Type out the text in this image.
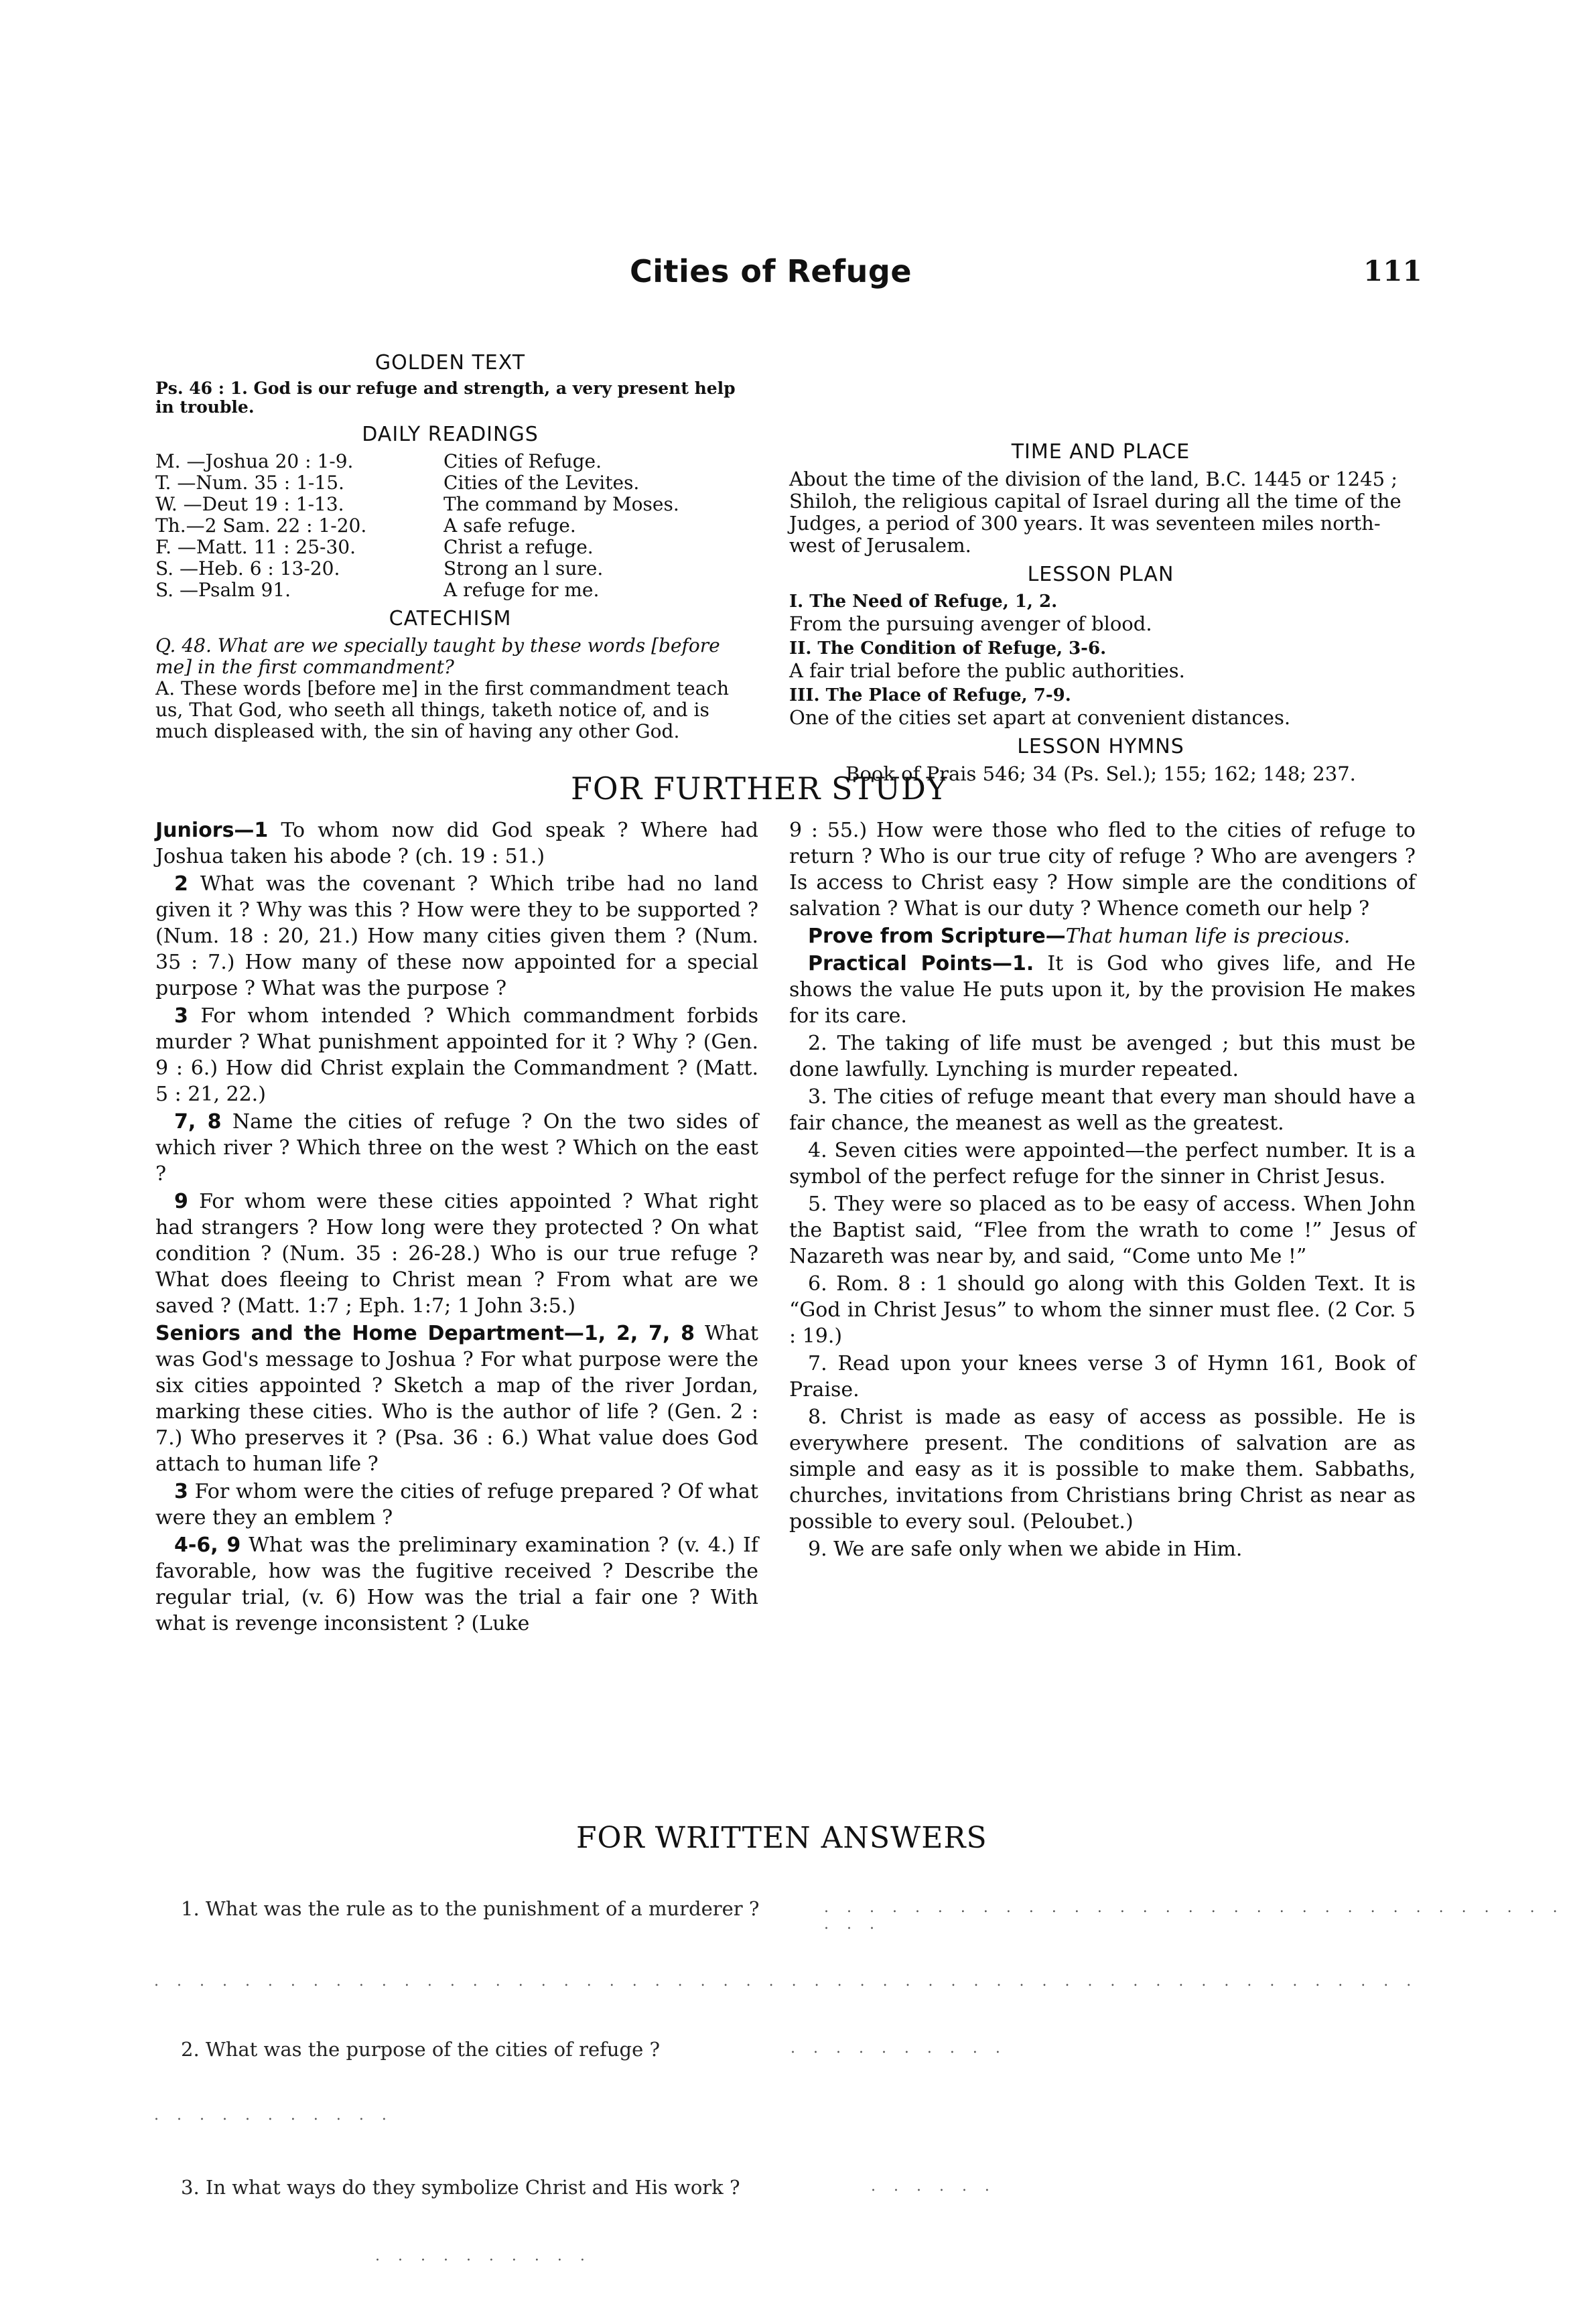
Cities of Refuge	111
GOLDEN TEXT
Ps. 46 : 1. God is our refuge and strength, a very present help in trouble.
DAILY READINGS
M. —Joshua 20 : 1-9.	Cities of Refuge.
T. —Num. 35 : 1-15.	Cities of the Levites.
W. —Deut 19 : 1-13.	The command by Moses.
Th.—2 Sam. 22 : 1-20.	A safe refuge.
F. —Matt. 11 : 25-30.	Christ a refuge.
S. —Heb. 6 : 13-20.	Strong an l sure.
S. —Psalm 91.	A refuge for me.
CATECHISM
Q. 48. What are we specially taught by these words [before me] in the first commandment?
A. These words [before me] in the first commandment teach us, That God, who seeth all things, taketh notice of, and is much displeased with, the sin of having any other God.
TIME AND PLACE
About the time of the division of the land, B.C. 1445 or 1245 ; Shiloh, the religious capital of Israel during all the time of the Judges, a period of 300 years. It was seventeen miles north-west of Jerusalem.
LESSON PLAN
I. The Need of Refuge, 1, 2.
From the pursuing avenger of blood.
II. The Condition of Refuge, 3-6.
A fair trial before the public authorities.
III. The Place of Refuge, 7-9.
One of the cities set apart at convenient distances.
LESSON HYMNS
Book of Prais 546; 34 (Ps. Sel.); 155; 162; 148; 237.
FOR FURTHER STUDY

Juniors—1 To whom now did God speak ? Where had Joshua taken his abode ? (ch. 19 : 51.)

2 What was the covenant ? Which tribe had no land given it ? Why was this ? How were they to be supported ? (Num. 18 : 20, 21.) How many cities given them ? (Num. 35 : 7.) How many of these now appointed for a special purpose ? What was the purpose ?

3 For whom intended ? Which commandment forbids murder ? What punishment appointed for it ? Why ? (Gen. 9 : 6.) How did Christ explain the Commandment ? (Matt. 5 : 21, 22.)

7, 8 Name the cities of refuge ? On the two sides of which river ? Which three on the west ? Which on the east ?

9 For whom were these cities appointed ? What right had strangers ? How long were they protected ? On what condition ? (Num. 35 : 26-28.) Who is our true refuge ? What does fleeing to Christ mean ? From what are we saved ? (Matt. 1:7 ; Eph. 1:7; 1 John 3:5.)

Seniors and the Home Department—1, 2, 7, 8 What was God's message to Joshua ? For what purpose were the six cities appointed ? Sketch a map of the river Jordan, marking these cities. Who is the author of life ? (Gen. 2 : 7.) Who preserves it ? (Psa. 36 : 6.) What value does God attach to human life ?

3 For whom were the cities of refuge prepared ? Of what were they an emblem ?

4-6, 9 What was the preliminary examination ? (v. 4.) If favorable, how was the fugitive received ? Describe the regular trial, (v. 6) How was the trial a fair one ? With what is revenge inconsistent ? (Luke

9 : 55.) How were those who fled to the cities of refuge to return ? Who is our true city of refuge ? Who are avengers ? Is access to Christ easy ? How simple are the conditions of salvation ? What is our duty ? Whence cometh our help ?

Prove from Scripture—That human life is precious.

Practical Points—1. It is God who gives life, and He shows the value He puts upon it, by the provision He makes for its care.

2. The taking of life must be avenged ; but this must be done lawfully. Lynching is murder repeated.

3. The cities of refuge meant that every man should have a fair chance, the meanest as well as the greatest.

4. Seven cities were appointed—the perfect number. It is a symbol of the perfect refuge for the sinner in Christ Jesus.

5. They were so placed as to be easy of access. When John the Baptist said, “Flee from the wrath to come !” Jesus of Nazareth was near by, and said, “Come unto Me !”

6. Rom. 8 : 1 should go along with this Golden Text. It is “God in Christ Jesus” to whom the sinner must flee. (2 Cor. 5 : 19.)

7. Read upon your knees verse 3 of Hymn 161, Book of Praise.

8. Christ is made as easy of access as possible. He is everywhere present. The conditions of salvation are as simple and easy as it is possible to make them. Sabbaths, churches, invitations from Christians bring Christ as near as possible to every soul. (Peloubet.)

9. We are safe only when we abide in Him.

FOR WRITTEN ANSWERS
1. What was the rule as to the punishment of a murderer ?	. . . . . . . . . . . . . . . . . . . . . . . . . . . . . . . . . . . .
. . . . . . . . . . . . . . . . . . . . . . . . . . . . . . . . . . . . . . . . . . . . . . . . . . . . . . . .
2. What was the purpose of the cities of refuge ?	. . . . . . . . . .
. . . . . . . . . . .
3. In what ways do they symbolize Christ and His work ?	. . . . . .
. . . . . . . . . .
